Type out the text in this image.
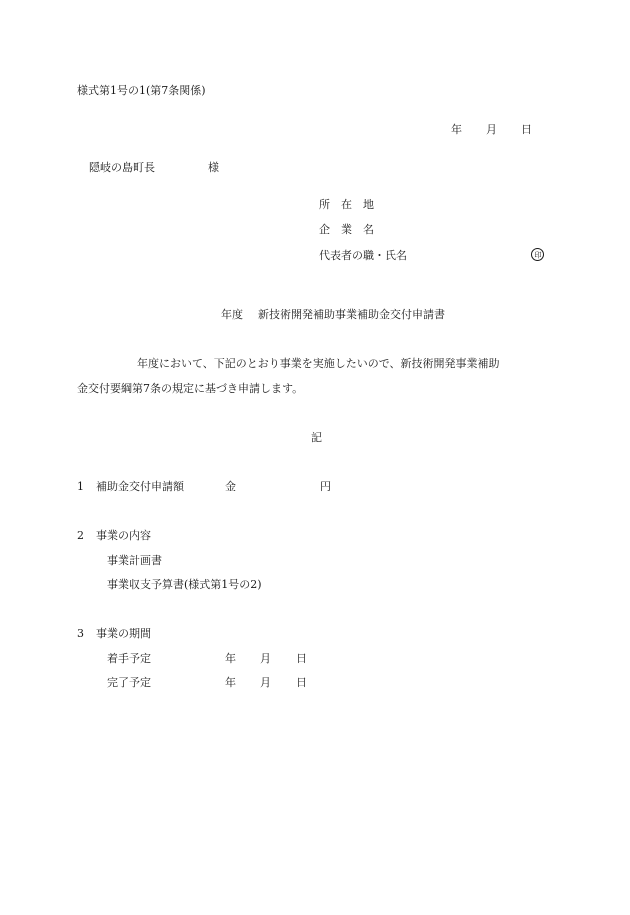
様式第1号の1(第7条関係)
年 月 日
隠岐の島町長	様
所　在　地
企　業　名
代表者の職・氏名	印
年度 新技術開発補助事業補助金交付申請書
年度において、下記のとおり事業を実施したいので、新技術開発事業補助
金交付要綱第7条の規定に基づき申請します。
記
1 補助金交付申請額	金	円
2 事業の内容
事業計画書
事業収支予算書(様式第1号の2)
3 事業の期間
着手予定	年 月 日
完了予定	年 月 日
